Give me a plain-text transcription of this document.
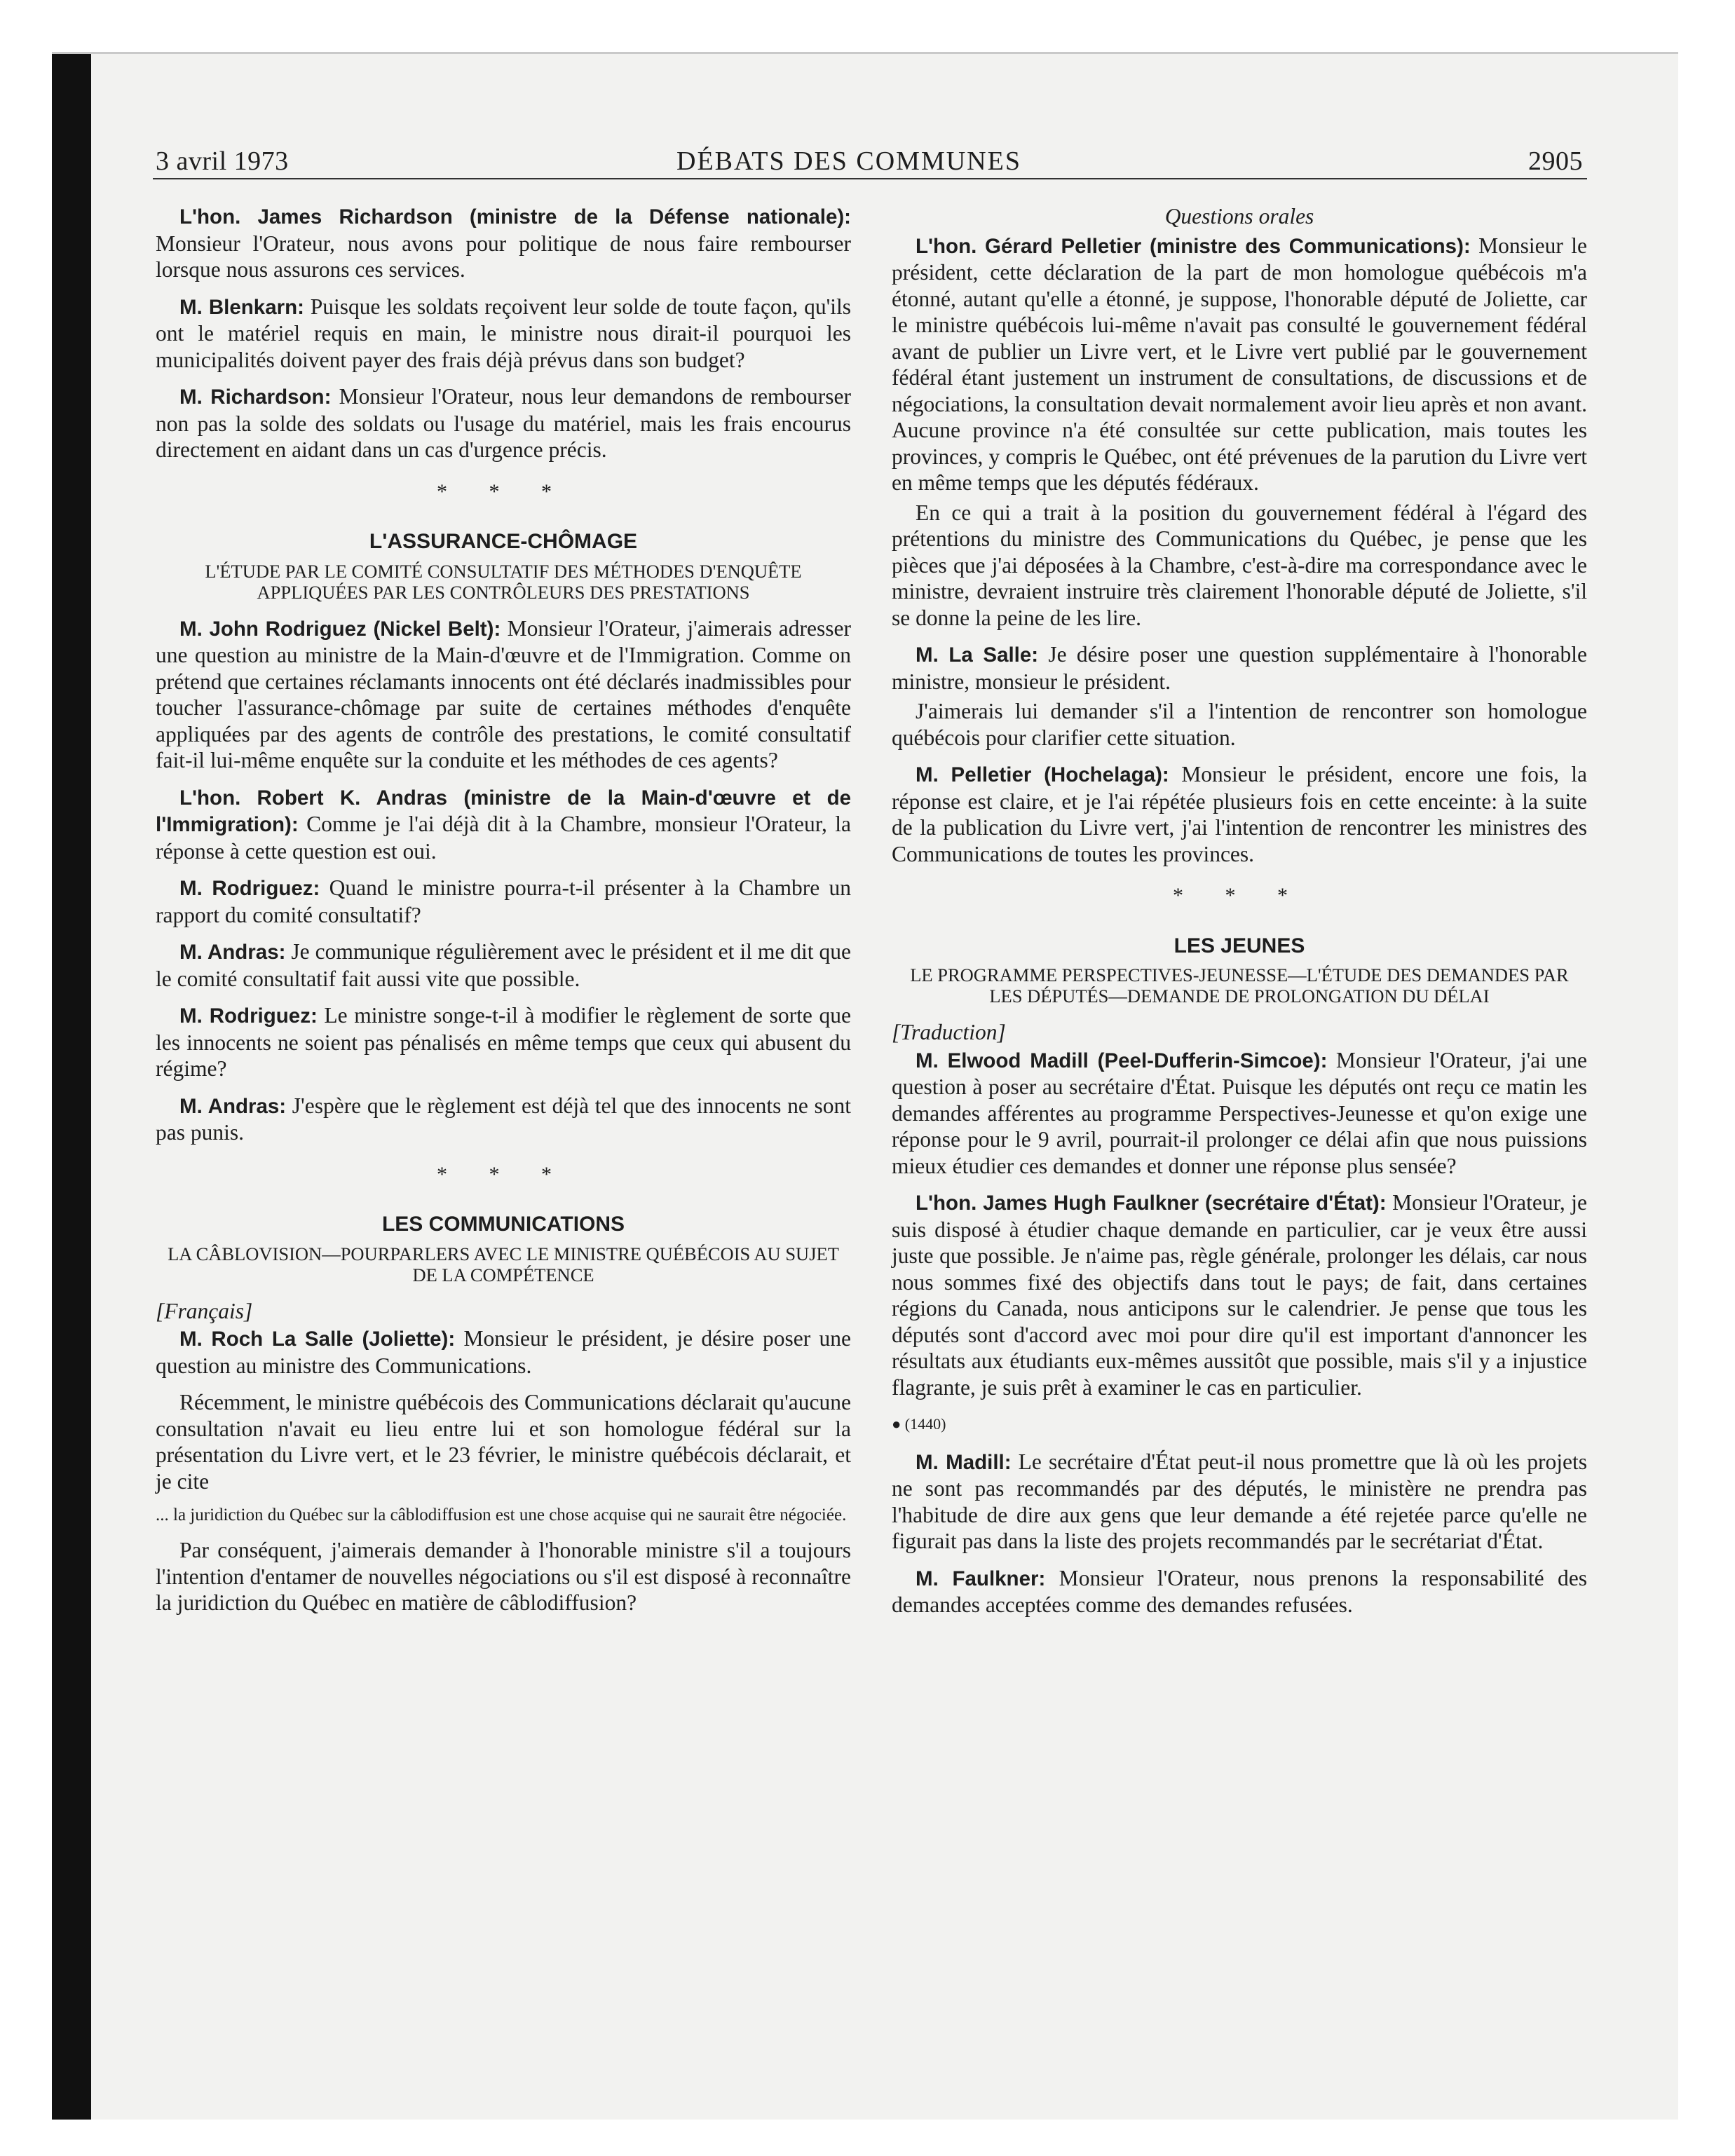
3 avril 1973	DÉBATS DES COMMUNES	2905

L'hon. James Richardson (ministre de la Défense nationale): Monsieur l'Orateur, nous avons pour politique de nous faire rembourser lorsque nous assurons ces services.

M. Blenkarn: Puisque les soldats reçoivent leur solde de toute façon, qu'ils ont le matériel requis en main, le ministre nous dirait-il pourquoi les municipalités doivent payer des frais déjà prévus dans son budget?

M. Richardson: Monsieur l'Orateur, nous leur demandons de rembourser non pas la solde des soldats ou l'usage du matériel, mais les frais encourus directement en aidant dans un cas d'urgence précis.

* * *
L'ASSURANCE-CHÔMAGE
L'ÉTUDE PAR LE COMITÉ CONSULTATIF DES MÉTHODES D'ENQUÊTE APPLIQUÉES PAR LES CONTRÔLEURS DES PRESTATIONS

M. John Rodriguez (Nickel Belt): Monsieur l'Orateur, j'aimerais adresser une question au ministre de la Main-d'œuvre et de l'Immigration. Comme on prétend que certaines réclamants innocents ont été déclarés inadmissibles pour toucher l'assurance-chômage par suite de certaines méthodes d'enquête appliquées par des agents de contrôle des prestations, le comité consultatif fait-il lui-même enquête sur la conduite et les méthodes de ces agents?

L'hon. Robert K. Andras (ministre de la Main-d'œuvre et de l'Immigration): Comme je l'ai déjà dit à la Chambre, monsieur l'Orateur, la réponse à cette question est oui.

M. Rodriguez: Quand le ministre pourra-t-il présenter à la Chambre un rapport du comité consultatif?

M. Andras: Je communique régulièrement avec le président et il me dit que le comité consultatif fait aussi vite que possible.

M. Rodriguez: Le ministre songe-t-il à modifier le règlement de sorte que les innocents ne soient pas pénalisés en même temps que ceux qui abusent du régime?

M. Andras: J'espère que le règlement est déjà tel que des innocents ne sont pas punis.

* * *
LES COMMUNICATIONS
LA CÂBLOVISION—POURPARLERS AVEC LE MINISTRE QUÉBÉCOIS AU SUJET DE LA COMPÉTENCE
[Français]

M. Roch La Salle (Joliette): Monsieur le président, je désire poser une question au ministre des Communications.

Récemment, le ministre québécois des Communications déclarait qu'aucune consultation n'avait eu lieu entre lui et son homologue fédéral sur la présentation du Livre vert, et le 23 février, le ministre québécois déclarait, et je cite

... la juridiction du Québec sur la câblodiffusion est une chose acquise qui ne saurait être négociée.

Par conséquent, j'aimerais demander à l'honorable ministre s'il a toujours l'intention d'entamer de nouvelles négociations ou s'il est disposé à reconnaître la juridiction du Québec en matière de câblodiffusion?

Questions orales

L'hon. Gérard Pelletier (ministre des Communications): Monsieur le président, cette déclaration de la part de mon homologue québécois m'a étonné, autant qu'elle a étonné, je suppose, l'honorable député de Joliette, car le ministre québécois lui-même n'avait pas consulté le gouvernement fédéral avant de publier un Livre vert, et le Livre vert publié par le gouvernement fédéral étant justement un instrument de consultations, de discussions et de négociations, la consultation devait normalement avoir lieu après et non avant. Aucune province n'a été consultée sur cette publication, mais toutes les provinces, y compris le Québec, ont été prévenues de la parution du Livre vert en même temps que les députés fédéraux.

En ce qui a trait à la position du gouvernement fédéral à l'égard des prétentions du ministre des Communications du Québec, je pense que les pièces que j'ai déposées à la Chambre, c'est-à-dire ma correspondance avec le ministre, devraient instruire très clairement l'honorable député de Joliette, s'il se donne la peine de les lire.

M. La Salle: Je désire poser une question supplémentaire à l'honorable ministre, monsieur le président.

J'aimerais lui demander s'il a l'intention de rencontrer son homologue québécois pour clarifier cette situation.

M. Pelletier (Hochelaga): Monsieur le président, encore une fois, la réponse est claire, et je l'ai répétée plusieurs fois en cette enceinte: à la suite de la publication du Livre vert, j'ai l'intention de rencontrer les ministres des Communications de toutes les provinces.

* * *
LES JEUNES
LE PROGRAMME PERSPECTIVES-JEUNESSE—L'ÉTUDE DES DEMANDES PAR LES DÉPUTÉS—DEMANDE DE PROLONGATION DU DÉLAI
[Traduction]

M. Elwood Madill (Peel-Dufferin-Simcoe): Monsieur l'Orateur, j'ai une question à poser au secrétaire d'État. Puisque les députés ont reçu ce matin les demandes afférentes au programme Perspectives-Jeunesse et qu'on exige une réponse pour le 9 avril, pourrait-il prolonger ce délai afin que nous puissions mieux étudier ces demandes et donner une réponse plus sensée?

L'hon. James Hugh Faulkner (secrétaire d'État): Monsieur l'Orateur, je suis disposé à étudier chaque demande en particulier, car je veux être aussi juste que possible. Je n'aime pas, règle générale, prolonger les délais, car nous nous sommes fixé des objectifs dans tout le pays; de fait, dans certaines régions du Canada, nous anticipons sur le calendrier. Je pense que tous les députés sont d'accord avec moi pour dire qu'il est important d'annoncer les résultats aux étudiants eux-mêmes aussitôt que possible, mais s'il y a injustice flagrante, je suis prêt à examiner le cas en particulier.

● (1440)

M. Madill: Le secrétaire d'État peut-il nous promettre que là où les projets ne sont pas recommandés par des députés, le ministère ne prendra pas l'habitude de dire aux gens que leur demande a été rejetée parce qu'elle ne figurait pas dans la liste des projets recommandés par le secrétariat d'État.

M. Faulkner: Monsieur l'Orateur, nous prenons la responsabilité des demandes acceptées comme des demandes refusées.
